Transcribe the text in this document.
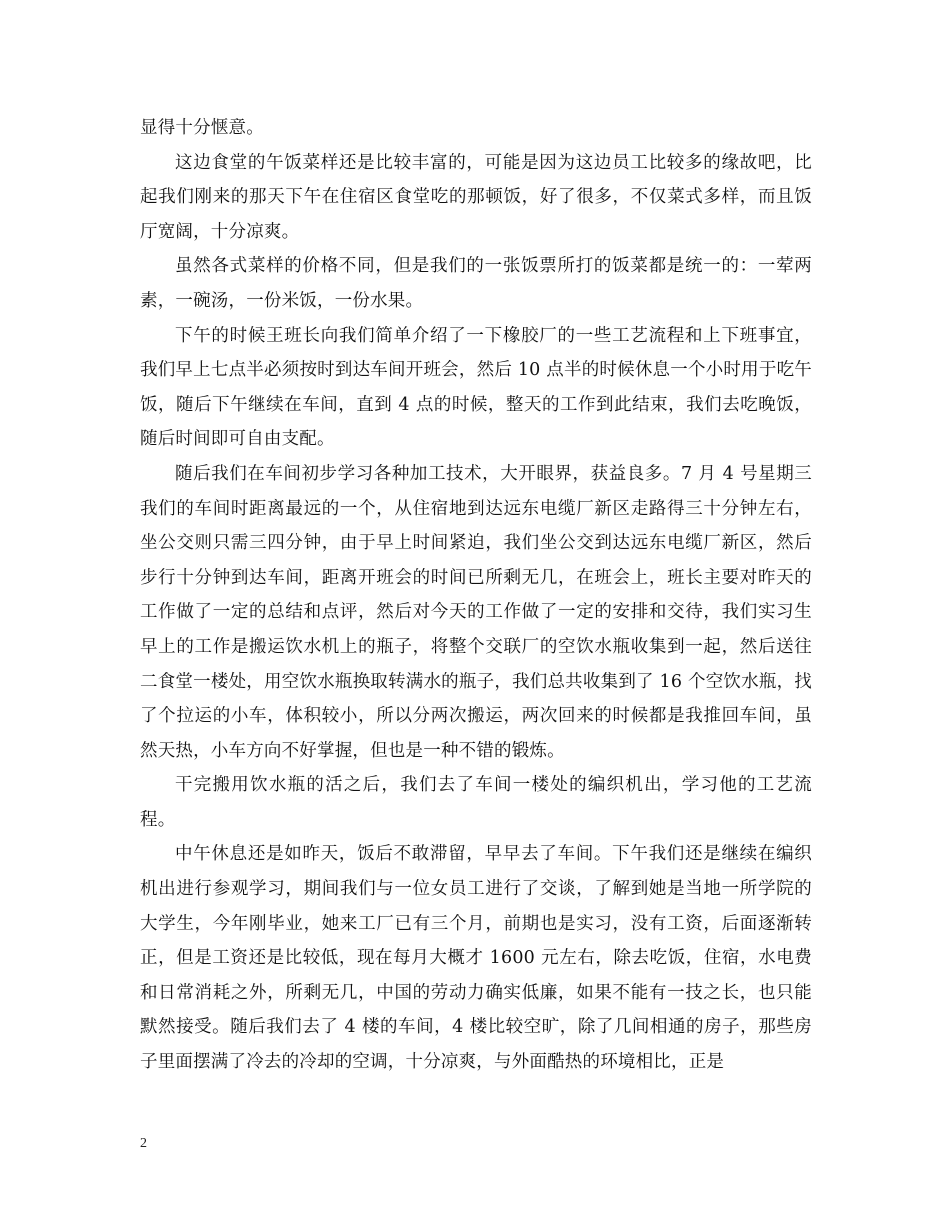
显得十分惬意。

这边食堂的午饭菜样还是比较丰富的，可能是因为这边员工比较多的缘故吧，比起我们刚来的那天下午在住宿区食堂吃的那顿饭，好了很多，不仅菜式多样，而且饭厅宽阔，十分凉爽。

虽然各式菜样的价格不同，但是我们的一张饭票所打的饭菜都是统一的：一荤两素，一碗汤，一份米饭，一份水果。

下午的时候王班长向我们简单介绍了一下橡胶厂的一些工艺流程和上下班事宜，我们早上七点半必须按时到达车间开班会，然后 10 点半的时候休息一个小时用于吃午饭，随后下午继续在车间，直到 4 点的时候，整天的工作到此结束，我们去吃晚饭，随后时间即可自由支配。

随后我们在车间初步学习各种加工技术，大开眼界，获益良多。7 月 4 号星期三我们的车间时距离最远的一个，从住宿地到达远东电缆厂新区走路得三十分钟左右，坐公交则只需三四分钟，由于早上时间紧迫，我们坐公交到达远东电缆厂新区，然后步行十分钟到达车间，距离开班会的时间已所剩无几，在班会上，班长主要对昨天的工作做了一定的总结和点评，然后对今天的工作做了一定的安排和交待，我们实习生早上的工作是搬运饮水机上的瓶子，将整个交联厂的空饮水瓶收集到一起，然后送往二食堂一楼处，用空饮水瓶换取转满水的瓶子，我们总共收集到了 16 个空饮水瓶，找了个拉运的小车，体积较小，所以分两次搬运，两次回来的时候都是我推回车间，虽然天热，小车方向不好掌握，但也是一种不错的锻炼。

干完搬用饮水瓶的活之后，我们去了车间一楼处的编织机出，学习他的工艺流程。

中午休息还是如昨天，饭后不敢滞留，早早去了车间。下午我们还是继续在编织机出进行参观学习，期间我们与一位女员工进行了交谈，了解到她是当地一所学院的大学生，今年刚毕业，她来工厂已有三个月，前期也是实习，没有工资，后面逐渐转正，但是工资还是比较低，现在每月大概才 1600 元左右，除去吃饭，住宿，水电费和日常消耗之外，所剩无几，中国的劳动力确实低廉，如果不能有一技之长，也只能默然接受。随后我们去了 4 楼的车间，4 楼比较空旷，除了几间相通的房子，那些房子里面摆满了冷去的冷却的空调，十分凉爽，与外面酷热的环境相比，正是

2
